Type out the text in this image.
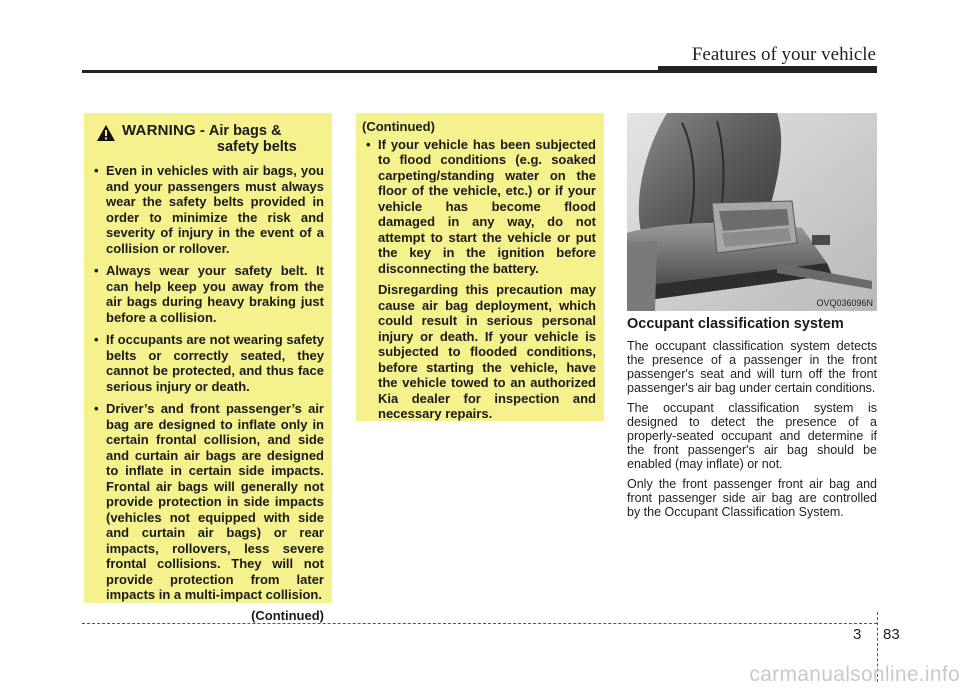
Features of your vehicle
WARNING - Air bags &
safety belts
• Even in vehicles with air bags, you and your passengers must always wear the safety belts provided in order to minimize the risk and severity of injury in the event of a collision or rollover.
• Always wear your safety belt. It can help keep you away from the air bags during heavy braking just before a collision.
• If occupants are not wearing safety belts or correctly seated, they cannot be protected, and thus face serious injury or death.
• Driver’s and front passenger’s air bag are designed to inflate only in certain frontal collision, and side and curtain air bags are designed to inflate in certain side impacts. Frontal air bags will generally not provide protection in side impacts (vehicles not equipped with side and curtain air bags) or rear impacts, rollovers, less severe frontal collisions. They will not provide protection from later impacts in a multi-impact collision.
(Continued)
(Continued)
• If your vehicle has been subjected to flood conditions (e.g. soaked carpeting/standing water on the floor of the vehicle, etc.) or if your vehicle has become flood damaged in any way, do not attempt to start the vehicle or put the key in the ignition before disconnecting the battery.
Disregarding this precaution may cause air bag deployment, which could result in serious personal injury or death. If your vehicle is subjected to flooded conditions, before starting the vehicle, have the vehicle towed to an authorized Kia dealer for inspection and necessary repairs.
OVQ036096N
Occupant classification system

The occupant classification system detects the presence of a passenger in the front passenger's seat and will turn off the front passenger's air bag under certain conditions.

The occupant classification system is designed to detect the presence of a properly-seated occupant and determine if the front passenger's air bag should be enabled (may inflate) or not.

Only the front passenger front air bag and front passenger side air bag are controlled by the Occupant Classification System.

3 83
carmanualsonline.info
